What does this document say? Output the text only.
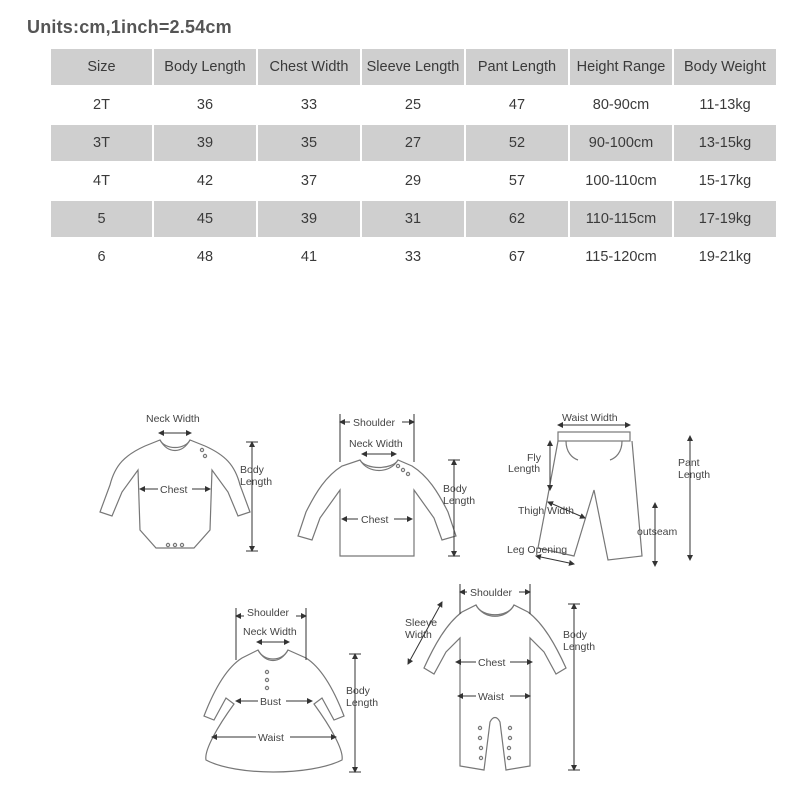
Units:cm,1inch=2.54cm
Size	Body Length	Chest Width	Sleeve Length	Pant Length	Height Range	Body Weight
2T	36	33	25	47	80-90cm	11-13kg
3T	39	35	27	52	90-100cm	13-15kg
4T	42	37	29	57	100-110cm	15-17kg
5	45	39	31	62	110-115cm	17-19kg
6	48	41	33	67	115-120cm	19-21kg
Neck Width
Chest
Body
Length
Shoulder
Neck Width
Chest
Body
Length
Waist Width
Fly
Length	Pant
Length
Thigh Width
outseam
Leg Opening
Shoulder
Neck Width
Bust
Waist
Body
Length
Shoulder
Sleeve
Width
Chest
Waist
Body
Length
